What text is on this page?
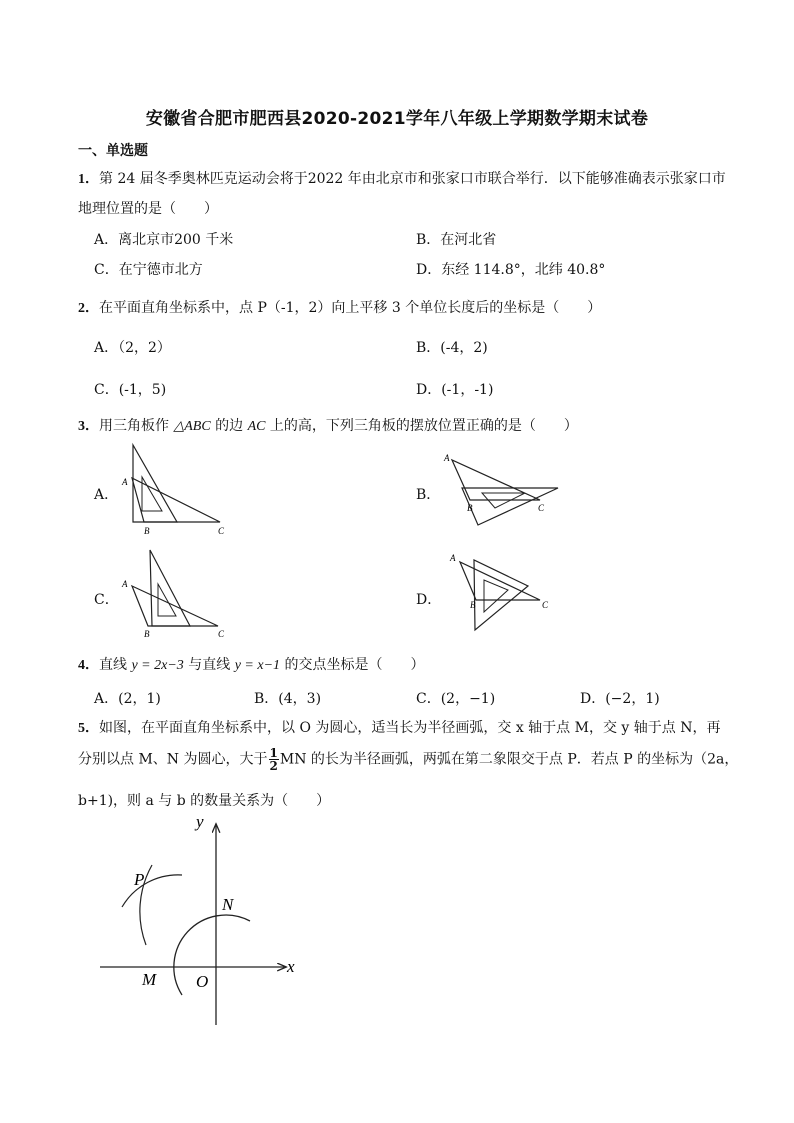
安徽省合肥市肥西县2020-2021学年八年级上学期数学期末试卷
一、单选题
1．第 24 届冬季奥林匹克运动会将于2022 年由北京市和张家口市联合举行．以下能够准确表示张家口市
地理位置的是（　　）
A．离北京市200 千米	B．在河北省
C．在宁德市北方	D．东经 114.8°，北纬 40.8°
2．在平面直角坐标系中，点 P（-1，2）向上平移 3 个单位长度后的坐标是（　　）
A．（2，2）	B．(-4，2)
C．(-1，5)	D．(-1，-1)
3．用三角板作 △ABC 的边 AC 上的高，下列三角板的摆放位置正确的是（　　）
A．
A
B	C
B．
A
B	C
C．
A
B	C
D．
A
B	C
4．直线 y = 2x−3 与直线 y = x−1 的交点坐标是（　　）
A．(2，1)	B．(4，3)	C．(2，−1)	D．(−2，1)
5．如图，在平面直角坐标系中，以 O 为圆心，适当长为半径画弧，交 x 轴于点 M，交 y 轴于点 N，再
分别以点 M、N 为圆心，大于 $\frac{1}{2}$ MN 的长为半径画弧，两弧在第二象限交于点 P．若点 P 的坐标为（2a，
b+1)，则 a 与 b 的数量关系为（　　）
y
x
P
N
M O
